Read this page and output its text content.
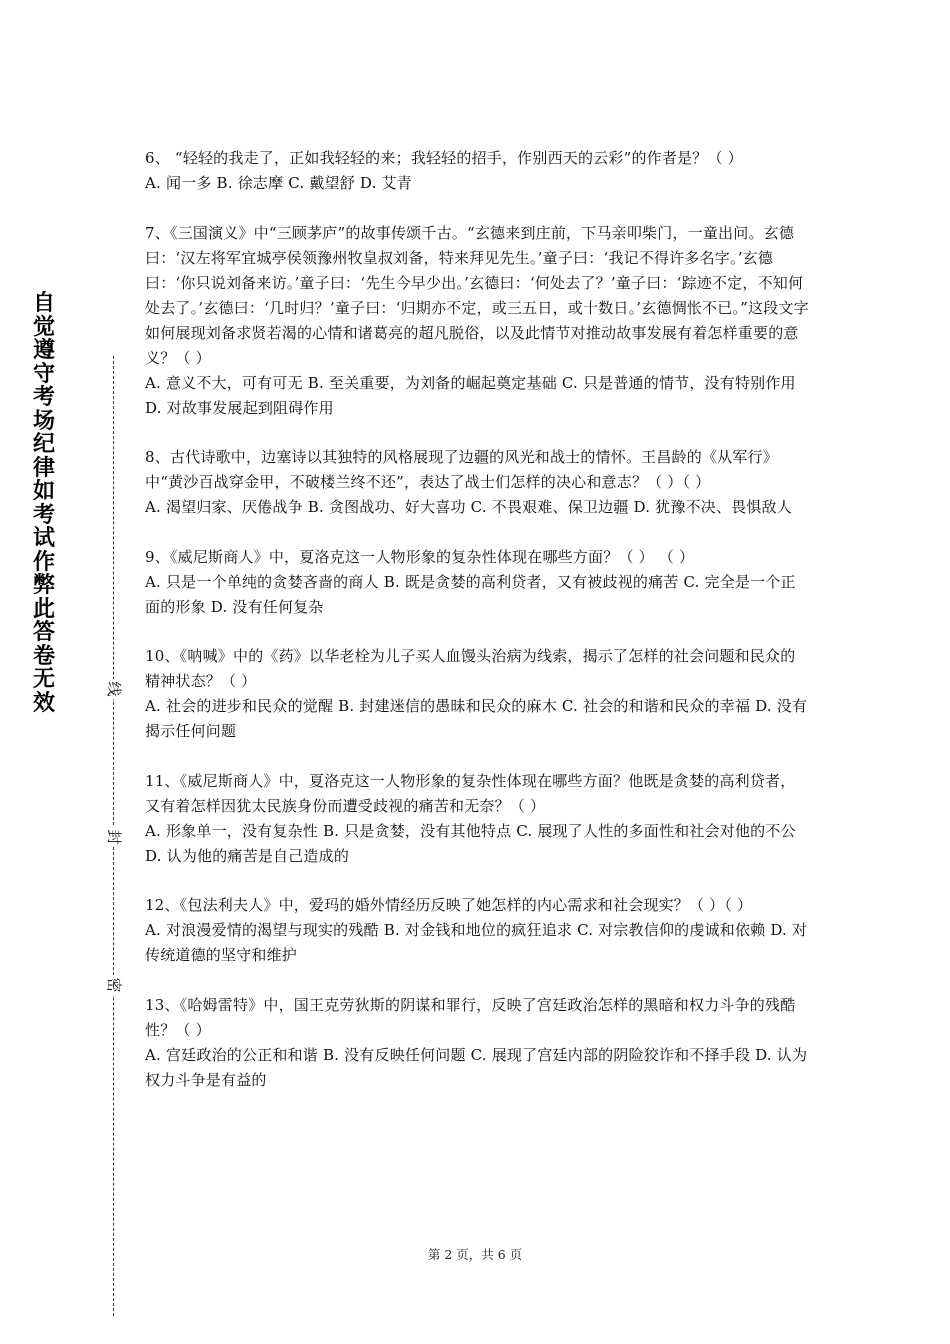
自觉遵守考场纪律如考试作弊此答卷无效
线
封
密

6、 “轻轻的我走了，正如我轻轻的来；我轻轻的招手，作别西天的云彩”的作者是？（ ）

A. 闻一多 B. 徐志摩 C. 戴望舒 D. 艾青

7、《三国演义》中“三顾茅庐”的故事传颂千古。“玄德来到庄前，下马亲叩柴门，一童出问。玄德曰：‘汉左将军宜城亭侯领豫州牧皇叔刘备，特来拜见先生。’童子曰：‘我记不得许多名字。’玄德曰：‘你只说刘备来访。’童子曰：‘先生今早少出。’玄德曰：‘何处去了？’童子曰：‘踪迹不定，不知何处去了。’玄德曰：‘几时归？’童子曰：‘归期亦不定，或三五日，或十数日。’玄德惆怅不已。”这段文字如何展现刘备求贤若渴的心情和诸葛亮的超凡脱俗，以及此情节对推动故事发展有着怎样重要的意义？（ ）

A. 意义不大，可有可无 B. 至关重要，为刘备的崛起奠定基础 C. 只是普通的情节，没有特别作用 D. 对故事发展起到阻碍作用

8、古代诗歌中，边塞诗以其独特的风格展现了边疆的风光和战士的情怀。王昌龄的《从军行》中“黄沙百战穿金甲，不破楼兰终不还”，表达了战士们怎样的决心和意志？（ ）（ ）

A. 渴望归家、厌倦战争 B. 贪图战功、好大喜功 C. 不畏艰难、保卫边疆 D. 犹豫不决、畏惧敌人

9、《威尼斯商人》中，夏洛克这一人物形象的复杂性体现在哪些方面？（ ） （ ）

A. 只是一个单纯的贪婪吝啬的商人 B. 既是贪婪的高利贷者，又有被歧视的痛苦 C. 完全是一个正面的形象 D. 没有任何复杂

10、《呐喊》中的《药》以华老栓为儿子买人血馒头治病为线索，揭示了怎样的社会问题和民众的精神状态？（ ）

A. 社会的进步和民众的觉醒 B. 封建迷信的愚昧和民众的麻木 C. 社会的和谐和民众的幸福 D. 没有揭示任何问题

11、《威尼斯商人》中，夏洛克这一人物形象的复杂性体现在哪些方面？他既是贪婪的高利贷者，又有着怎样因犹太民族身份而遭受歧视的痛苦和无奈？（ ）

A. 形象单一，没有复杂性 B. 只是贪婪，没有其他特点 C. 展现了人性的多面性和社会对他的不公 D. 认为他的痛苦是自己造成的

12、《包法利夫人》中，爱玛的婚外情经历反映了她怎样的内心需求和社会现实？（ ）（ ）

A. 对浪漫爱情的渴望与现实的残酷 B. 对金钱和地位的疯狂追求 C. 对宗教信仰的虔诚和依赖 D. 对传统道德的坚守和维护

13、《哈姆雷特》中，国王克劳狄斯的阴谋和罪行，反映了宫廷政治怎样的黑暗和权力斗争的残酷性？（ ）

A. 宫廷政治的公正和和谐 B. 没有反映任何问题 C. 展现了宫廷内部的阴险狡诈和不择手段 D. 认为权力斗争是有益的

第 2 页，共 6 页
